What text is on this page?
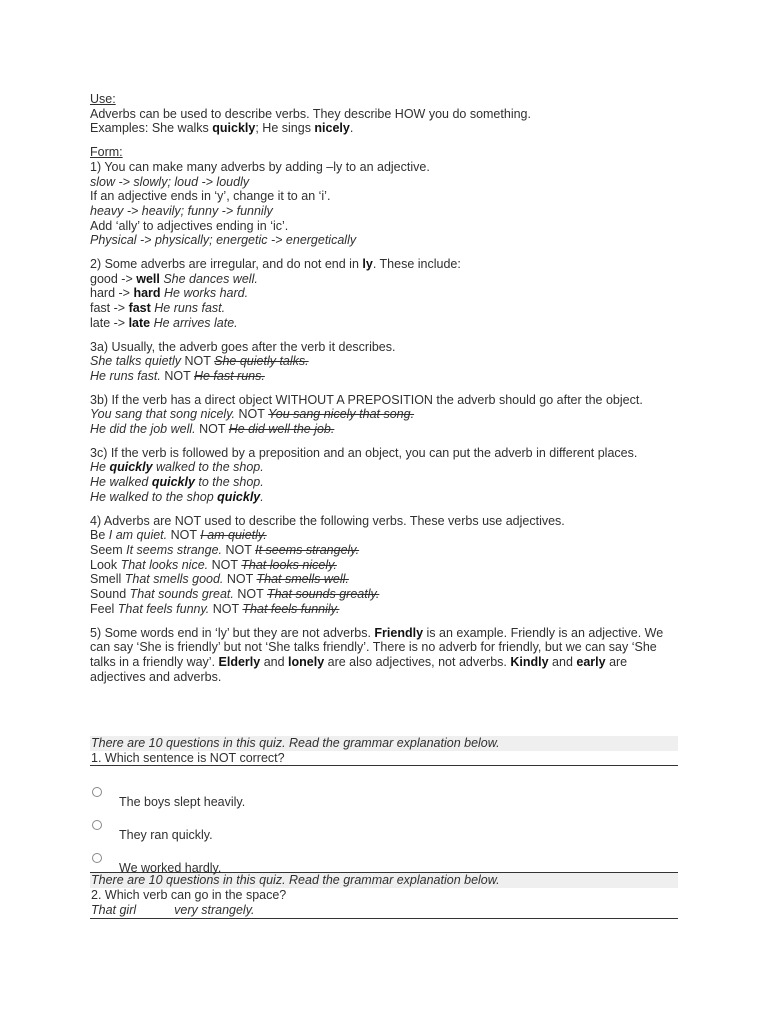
Use:
Adverbs can be used to describe verbs. They describe HOW you do something.
Examples: She walks quickly; He sings nicely.
Form:
1) You can make many adverbs by adding –ly to an adjective.
slow -> slowly; loud -> loudly
If an adjective ends in ‘y’, change it to an ‘i’.
heavy -> heavily; funny -> funnily
Add ‘ally’ to adjectives ending in ‘ic’.
Physical -> physically; energetic -> energetically
2) Some adverbs are irregular, and do not end in ly. These include:
good -> well She dances well.
hard -> hard He works hard.
fast -> fast He runs fast.
late -> late He arrives late.
3a) Usually, the adverb goes after the verb it describes.
She talks quietly NOT She quietly talks.
He runs fast. NOT He fast runs.
3b) If the verb has a direct object WITHOUT A PREPOSITION the adverb should go after the object.
You sang that song nicely. NOT You sang nicely that song.
He did the job well. NOT He did well the job.
3c) If the verb is followed by a preposition and an object, you can put the adverb in different places.
He quickly walked to the shop.
He walked quickly to the shop.
He walked to the shop quickly.
4) Adverbs are NOT used to describe the following verbs. These verbs use adjectives.
Be I am quiet. NOT I am quietly.
Seem It seems strange. NOT It seems strangely.
Look That looks nice. NOT That looks nicely.
Smell That smells good. NOT That smells well.
Sound That sounds great. NOT That sounds greatly.
Feel That feels funny. NOT That feels funnily.
5) Some words end in ‘ly’ but they are not adverbs. Friendly is an example. Friendly is an adjective. We can say ‘She is friendly’ but not ‘She talks friendly’. There is no adverb for friendly, but we can say ‘She talks in a friendly way’. Elderly and lonely are also adjectives, not adverbs. Kindly and early are adjectives and adverbs.
There are 10 questions in this quiz. Read the grammar explanation below.
1. Which sentence is NOT correct?
The boys slept heavily.
They ran quickly.
We worked hardly.
There are 10 questions in this quiz. Read the grammar explanation below.
2. Which verb can go in the space?
That girl	very strangely.
